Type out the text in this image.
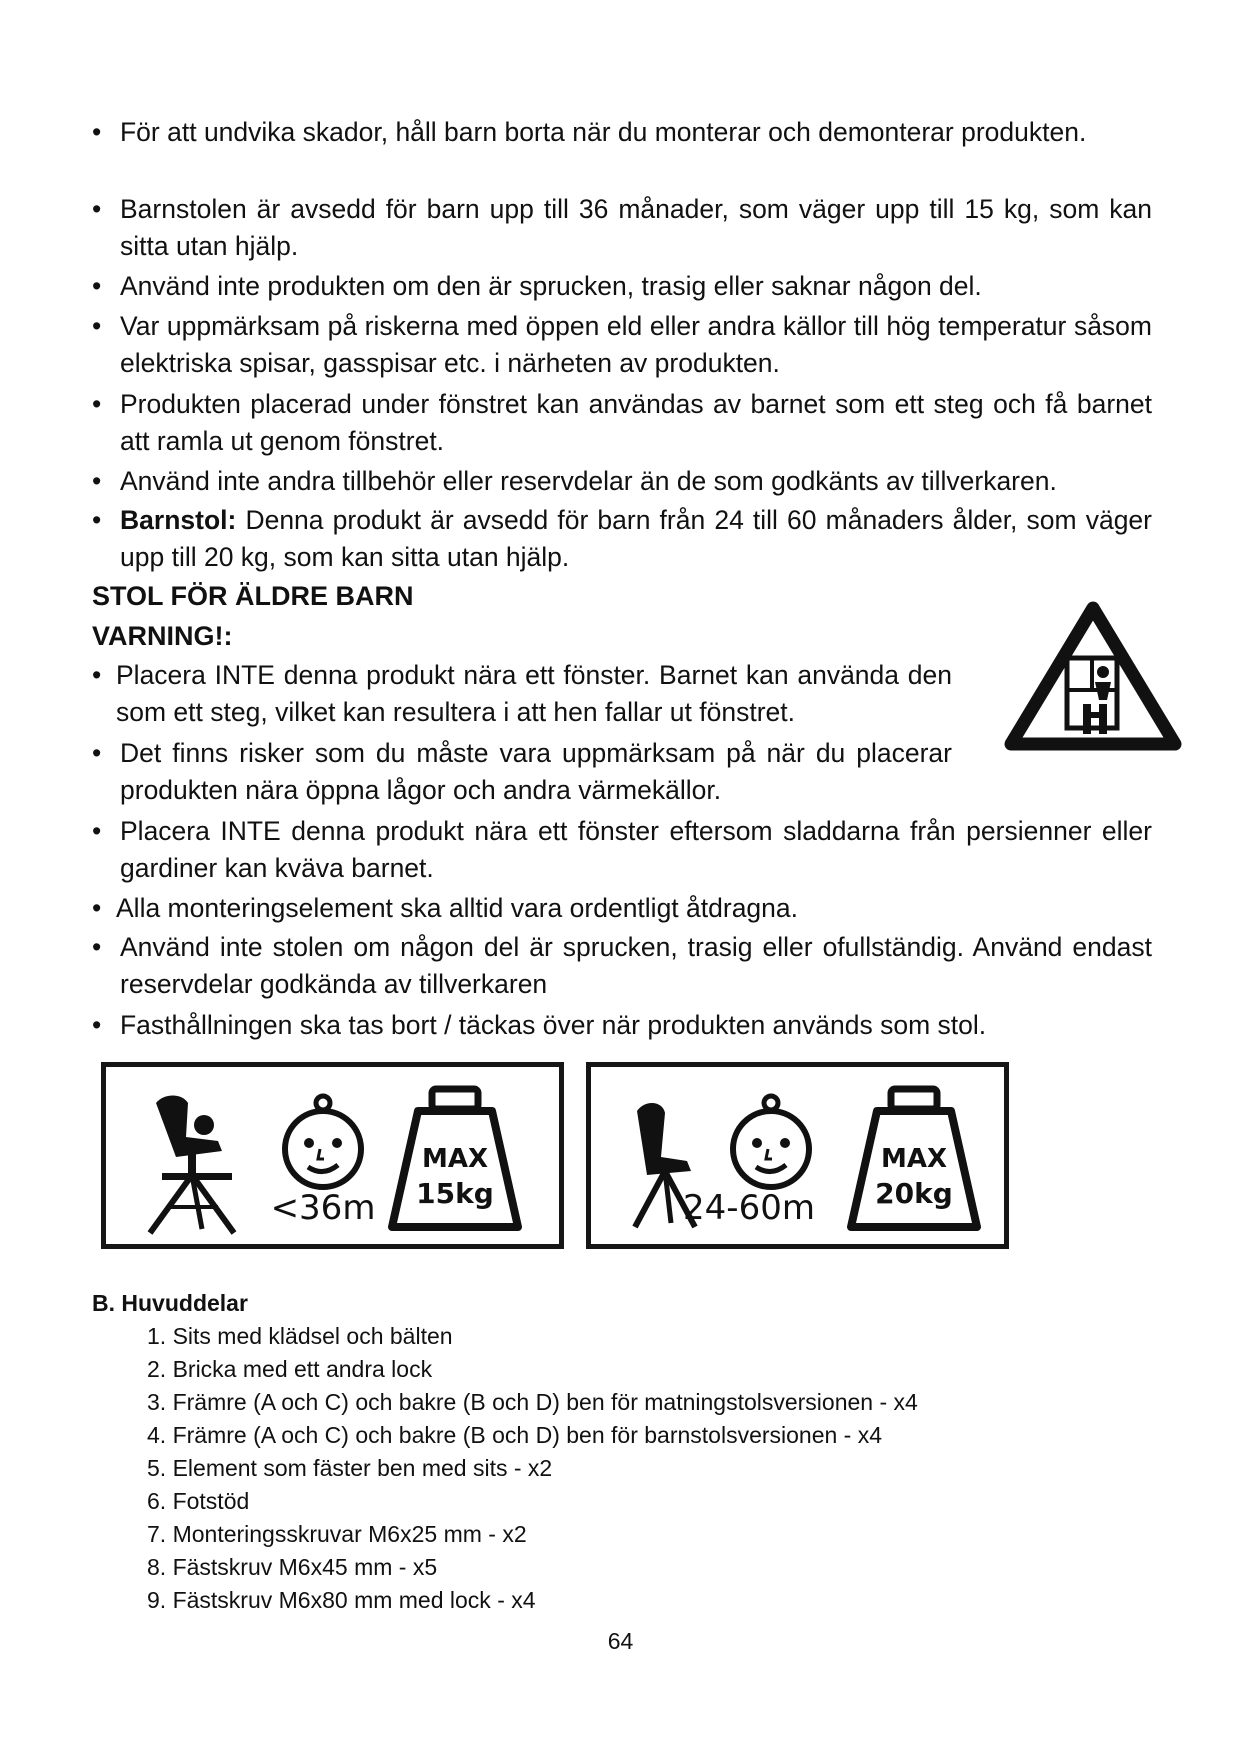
• För att undvika skador, håll barn borta när du monterar och demonterar produkten.

• Barnstolen är avsedd för barn upp till 36 månader, som väger upp till 15 kg, som kan sitta utan hjälp.

• Använd inte produkten om den är sprucken, trasig eller saknar någon del.

• Var uppmärksam på riskerna med öppen eld eller andra källor till hög temperatur såsom elektriska spisar, gasspisar etc. i närheten av produkten.

• Produkten placerad under fönstret kan användas av barnet som ett steg och få barnet att ramla ut genom fönstret.

• Använd inte andra tillbehör eller reservdelar än de som godkänts av tillverkaren.

• Barnstol: Denna produkt är avsedd för barn från 24 till 60 månaders ålder, som väger upp till 20 kg, som kan sitta utan hjälp.

STOL FÖR ÄLDRE BARN
VARNING!:

• Placera INTE denna produkt nära ett fönster. Barnet kan använda den som ett steg, vilket kan resultera i att hen fallar ut fönstret.

• Det finns risker som du måste vara uppmärksam på när du placerar produkten nära öppna lågor och andra värmekällor.

• Placera INTE denna produkt nära ett fönster eftersom sladdarna från persienner eller gardiner kan kväva barnet.

• Alla monteringselement ska alltid vara ordentligt åtdragna.

• Använd inte stolen om någon del är sprucken, trasig eller ofullständig. Använd endast reservdelar godkända av tillverkaren

• Fasthållningen ska tas bort / täckas över när produkten används som stol.

MAX
15kg
<36m
MAX
20kg
24-60m
B. Huvuddelar
1. Sits med klädsel och bälten
2. Bricka med ett andra lock
3. Främre (A och C) och bakre (B och D) ben för matningstolsversionen - x4
4. Främre (A och C) och bakre (B och D) ben för barnstolsversionen - x4
5. Element som fäster ben med sits - x2
6. Fotstöd
7. Monteringsskruvar M6x25 mm - x2
8. Fästskruv M6x45 mm - x5
9. Fästskruv M6x80 mm med lock - x4
64
